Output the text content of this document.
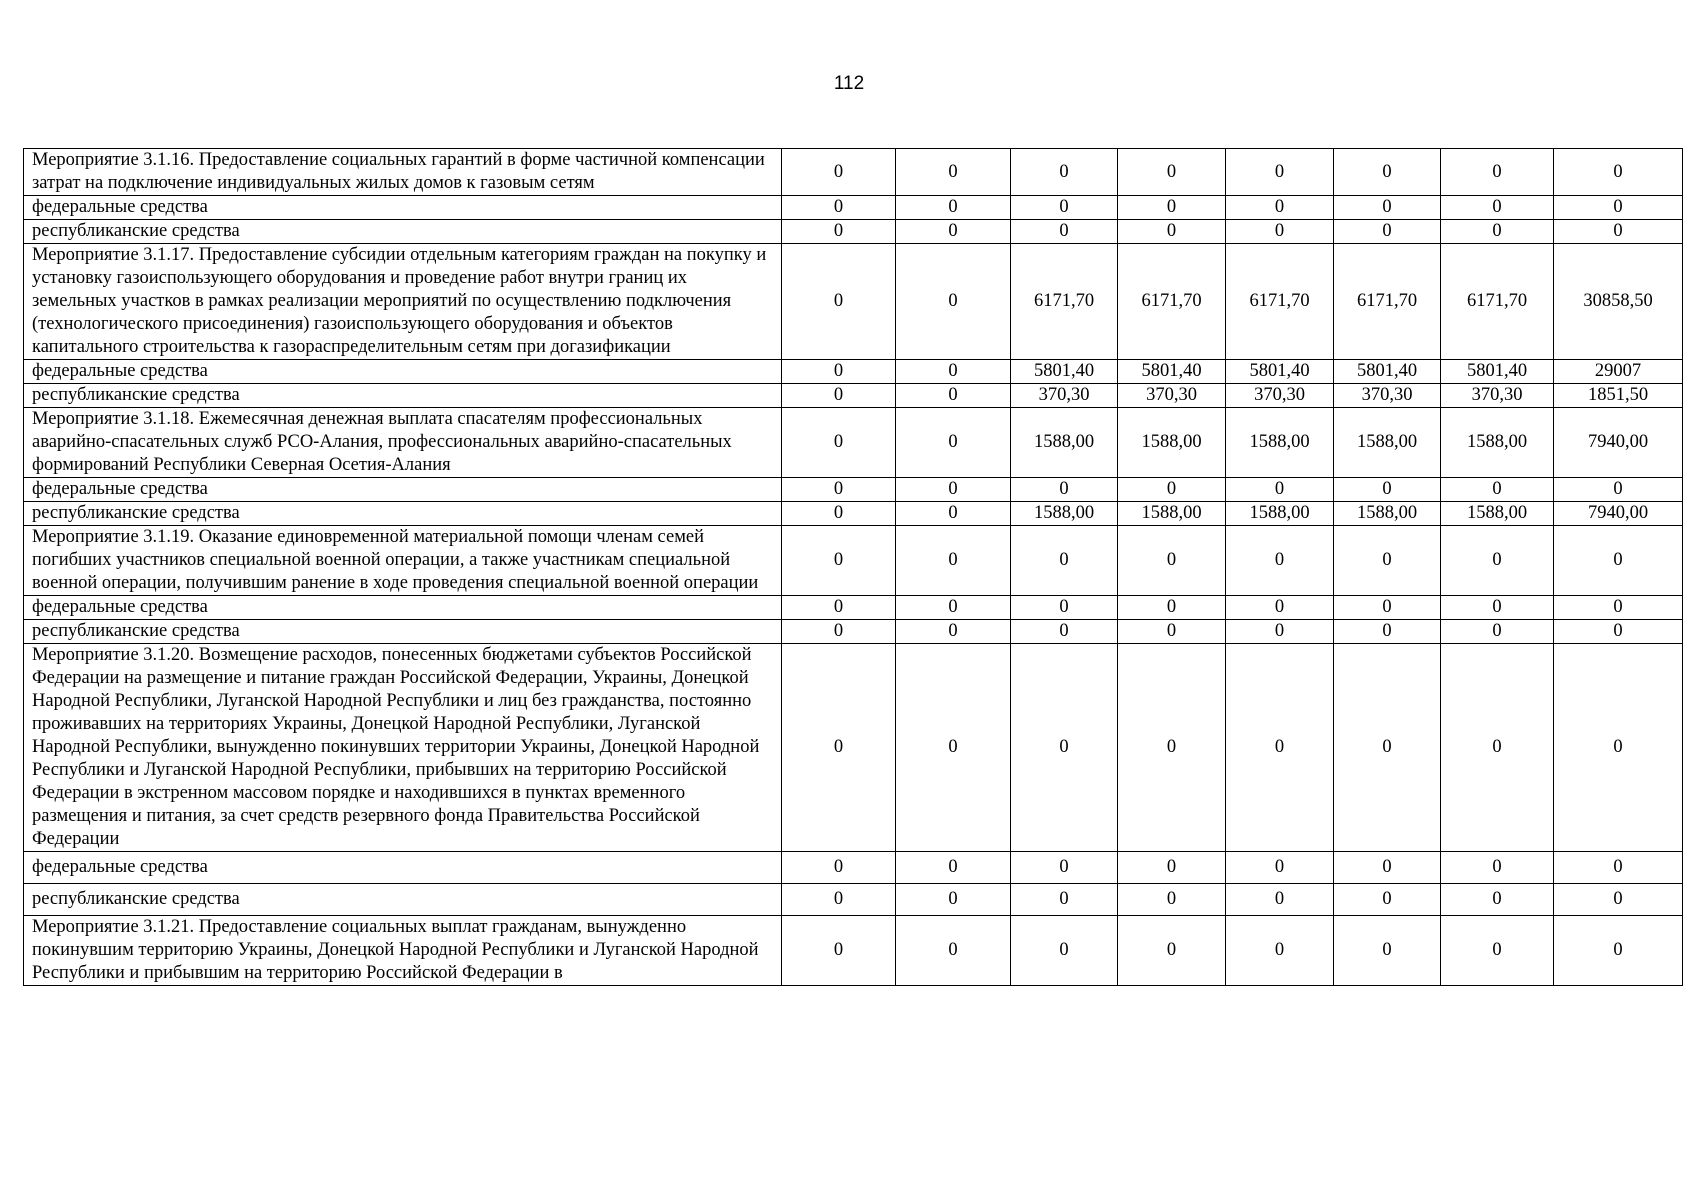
112
Мероприятие 3.1.16. Предоставление социальных гарантий в форме частичной компенсации затрат на подключение индивидуальных жилых домов к газовым сетям	0	0	0	0	0	0	0	0
федеральные средства	0	0	0	0	0	0	0	0
республиканские средства	0	0	0	0	0	0	0	0
Мероприятие 3.1.17. Предоставление субсидии отдельным категориям граждан на покупку и установку газоиспользующего оборудования и проведение работ внутри границ их земельных участков в рамках реализации мероприятий по осуществлению подключения (технологического присоединения) газоиспользующего оборудования и объектов капитального строительства к газораспределительным сетям при догазификации	0	0	6171,70	6171,70	6171,70	6171,70	6171,70	30858,50
федеральные средства	0	0	5801,40	5801,40	5801,40	5801,40	5801,40	29007
республиканские средства	0	0	370,30	370,30	370,30	370,30	370,30	1851,50
Мероприятие 3.1.18. Ежемесячная денежная выплата спасателям профессиональных аварийно-спасательных служб РСО-Алания, профессиональных аварийно-спасательных формирований Республики Северная Осетия-Алания	0	0	1588,00	1588,00	1588,00	1588,00	1588,00	7940,00
федеральные средства	0	0	0	0	0	0	0	0
республиканские средства	0	0	1588,00	1588,00	1588,00	1588,00	1588,00	7940,00
Мероприятие 3.1.19. Оказание единовременной материальной помощи членам семей погибших участников специальной военной операции, а также участникам специальной военной операции, получившим ранение в ходе проведения специальной военной операции	0	0	0	0	0	0	0	0
федеральные средства	0	0	0	0	0	0	0	0
республиканские средства	0	0	0	0	0	0	0	0
Мероприятие 3.1.20. Возмещение расходов, понесенных бюджетами субъектов Российской Федерации на размещение и питание граждан Российской Федерации, Украины, Донецкой Народной Республики, Луганской Народной Республики и лиц без гражданства, постоянно проживавших на территориях Украины, Донецкой Народной Республики, Луганской Народной Республики, вынужденно покинувших территории Украины, Донецкой Народной Республики и Луганской Народной Республики, прибывших на территорию Российской Федерации в экстренном массовом порядке и находившихся в пунктах временного размещения и питания, за счет средств резервного фонда Правительства Российской Федерации	0	0	0	0	0	0	0	0
федеральные средства	0	0	0	0	0	0	0	0
республиканские средства	0	0	0	0	0	0	0	0
Мероприятие 3.1.21. Предоставление социальных выплат гражданам, вынужденно покинувшим территорию Украины, Донецкой Народной Республики и Луганской Народной Республики и прибывшим на территорию Российской Федерации в	0	0	0	0	0	0	0	0
